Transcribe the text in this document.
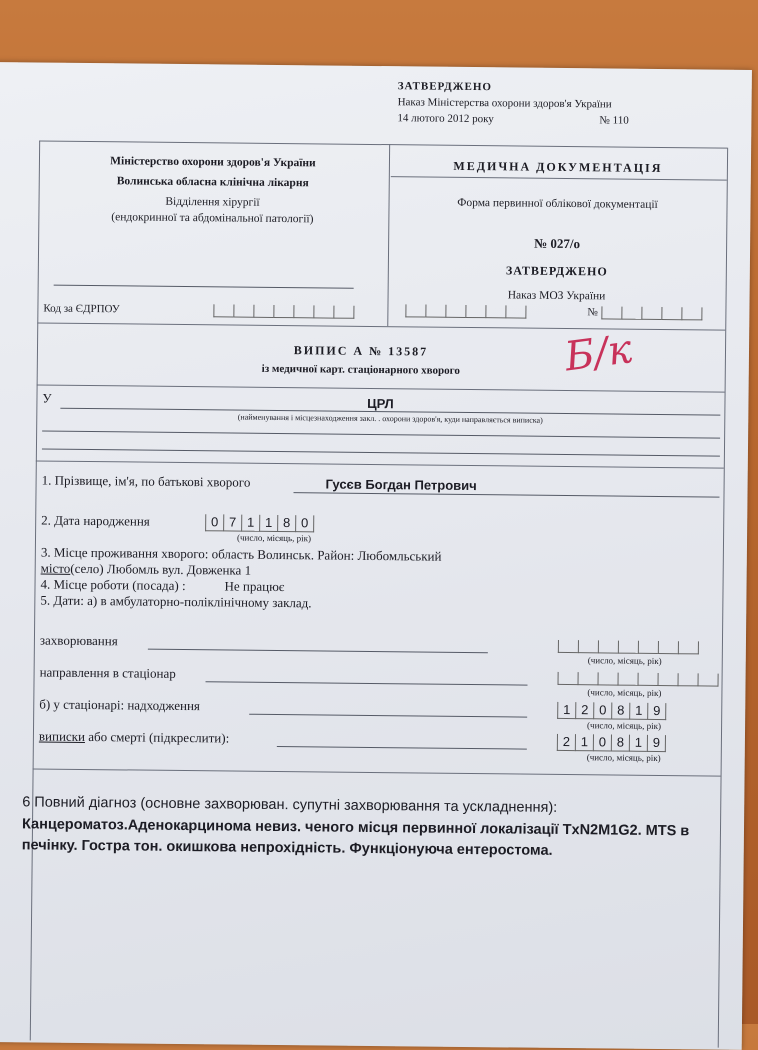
ЗАТВЕРДЖЕНО
Наказ Міністерства охорони здоров'я України
14 лютого 2012 року	№ 110
Міністерство охорони здоров'я України
Волинська обласна клінічна лікарня
Відділення хірургії
(ендокринної та абдомінальної патології)
Код за ЄДРПОУ
МЕДИЧНА ДОКУМЕНТАЦІЯ
Форма первинної облікової документації
№ 027/о
ЗАТВЕРДЖЕНО
Наказ МОЗ України
№
ВИПИС А № 13587
із медичної карт. стаціонарного хворого	Б/к
У	ЦРЛ
(найменування і місцезнаходження закл. . охорони здоров'я, куди направляється виписка)
1. Прізвище, ім'я, по батькові хворого	Гусєв Богдан Петрович
2. Дата народження	0 7 1 1 8 0
(число, місяць, рік)
3. Місце проживання хворого: область Волинськ. Район: Любомльський
місто(село) Любомль вул. Довженка 1
4. Місце роботи (посада) :	Не працює
5. Дати: а) в амбулаторно-поліклінічному заклад.
захворювання
(число, місяць, рік)
направлення в стаціонар
(число, місяць, рік)
б) у стаціонарі: надходження	1 2 0 8 1 9
(число, місяць, рік)
виписки або смерті (підкреслити):	2 1 0 8 1 9
(число, місяць, рік)
6 Повний діагноз (основне захворюван. супутні захворювання та ускладнення):
Канцероматоз.Аденокарцинома невиз. ченого місця первинної локалізації TxN2M1G2. MTS в печінку. Гостра тон. окишкова непрохідність. Функціонуюча ентеростома.
